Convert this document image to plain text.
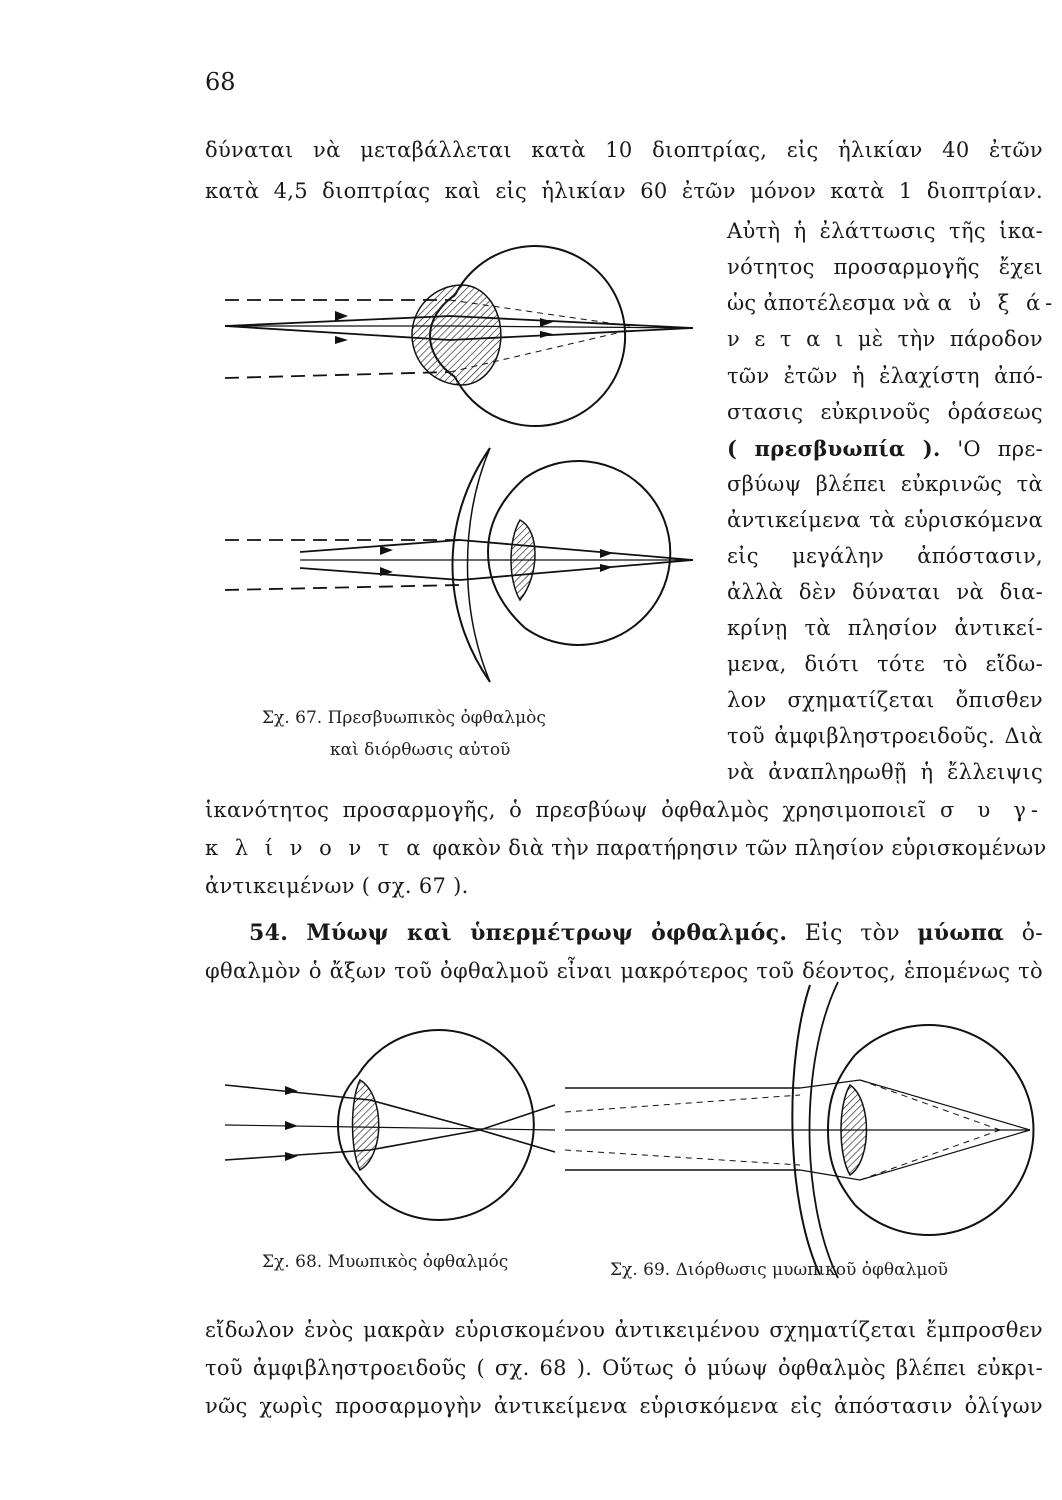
68
δύναται νὰ μεταβάλλεται κατὰ 10 διοπτρίας, εἰς ἡλικίαν 40 ἐτῶν
κατὰ 4,5 διοπτρίας καὶ εἰς ἡλικίαν 60 ἐτῶν μόνον κατὰ 1 διοπτρίαν.
Αὐτὴ ἡ ἐλάττωσις τῆς ἱκα-
νότητος προσαρμογῆς ἔχει
ὡς ἀποτέλεσμα νὰ α ὐ ξ ά-
ν ε τ α ι μὲ τὴν πάροδον
τῶν ἐτῶν ἡ ἐλαχίστη ἀπό-
στασις εὐκρινοῦς ὁράσεως
( πρεσβυωπία ). 'Ο πρε-
σβύωψ βλέπει εὐκρινῶς τὰ
ἀντικείμενα τὰ εὑρισκόμενα
εἰς μεγάλην ἀπόστασιν,
ἀλλὰ δὲν δύναται νὰ δια-
κρίνῃ τὰ πλησίον ἀντικεί-
μενα, διότι τότε τὸ εἴδω-
λον σχηματίζεται ὄπισθεν
τοῦ ἀμφιβληστροειδοῦς. Διὰ
νὰ ἀναπληρωθῇ ἡ ἔλλειψις
Σχ. 67. Πρεσβυωπικὸς ὀφθαλμὸς
καὶ διόρθωσις αὐτοῦ
ἱκανότητος προσαρμογῆς, ὁ πρεσβύωψ ὀφθαλμὸς χρησιμοποιεῖ σ υ γ-
κ λ ί ν ο ν τ α φακὸν διὰ τὴν παρατήρησιν τῶν πλησίον εὑρισκομένων
ἀντικειμένων ( σχ. 67 ).
54. Μύωψ καὶ ὑπερμέτρωψ ὀφθαλμός. Εἰς τὸν μύωπα ὀ-
φθαλμὸν ὁ ἄξων τοῦ ὀφθαλμοῦ εἶναι μακρότερος τοῦ δέοντος, ἑπομένως τὸ
Σχ. 68. Μυωπικὸς ὀφθαλμός	Σχ. 69. Διόρθωσις μυωπικοῦ ὀφθαλμοῦ
εἴδωλον ἑνὸς μακρὰν εὑρισκομένου ἀντικειμένου σχηματίζεται ἔμπροσθεν
τοῦ ἀμφιβληστροειδοῦς ( σχ. 68 ). Οὕτως ὁ μύωψ ὀφθαλμὸς βλέπει εὐκρι-
νῶς χωρὶς προσαρμογὴν ἀντικείμενα εὑρισκόμενα εἰς ἀπόστασιν ὀλίγων
